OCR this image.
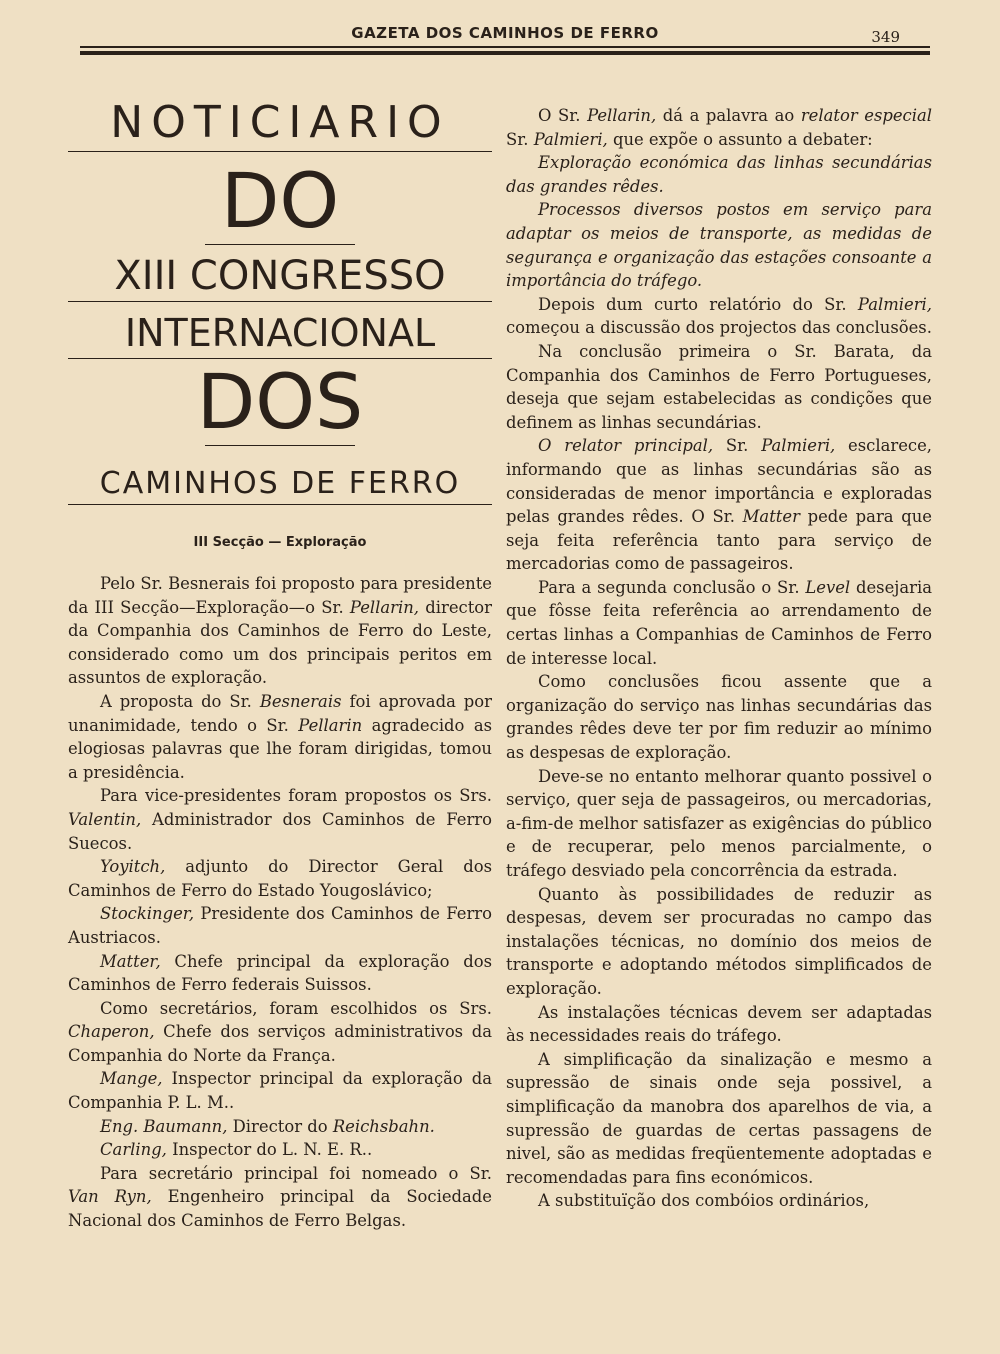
GAZETA DOS CAMINHOS DE FERRO	349
NOTICIARIO
DO
XIII CONGRESSO
INTERNACIONAL
DOS
CAMINHOS DE FERRO
III Secção — Exploração

Pelo Sr. Besnerais foi proposto para presidente da III Secção—Exploração—o Sr. Pellarin, director da Companhia dos Caminhos de Ferro do Leste, considerado como um dos principais peritos em assuntos de exploração.

A proposta do Sr. Besnerais foi aprovada por unanimidade, tendo o Sr. Pellarin agradecido as elogiosas palavras que lhe foram dirigidas, tomou a presidência.

Para vice-presidentes foram propostos os Srs. Valentin, Administrador dos Caminhos de Ferro Suecos.

Yoyitch, adjunto do Director Geral dos Caminhos de Ferro do Estado Yougoslávico;

Stockinger, Presidente dos Caminhos de Ferro Austriacos.

Matter, Chefe principal da exploração dos Caminhos de Ferro federais Suissos.

Como secretários, foram escolhidos os Srs. Chaperon, Chefe dos serviços administrativos da Companhia do Norte da França.

Mange, Inspector principal da exploração da Companhia P. L. M..

Eng. Baumann, Director do Reichsbahn.

Carling, Inspector do L. N. E. R..

Para secretário principal foi nomeado o Sr. Van Ryn, Engenheiro principal da Sociedade Nacional dos Caminhos de Ferro Belgas.

O Sr. Pellarin, dá a palavra ao relator especial Sr. Palmieri, que expõe o assunto a debater:

Exploração económica das linhas secundárias das grandes rêdes.

Processos diversos postos em serviço para adaptar os meios de transporte, as medidas de segurança e organização das estações consoante a importância do tráfego.

Depois dum curto relatório do Sr. Palmieri, começou a discussão dos projectos das conclusões.

Na conclusão primeira o Sr. Barata, da Companhia dos Caminhos de Ferro Portugueses, deseja que sejam estabelecidas as condições que definem as linhas secundárias.

O relator principal, Sr. Palmieri, esclarece, informando que as linhas secundárias são as consideradas de menor importância e exploradas pelas grandes rêdes. O Sr. Matter pede para que seja feita referência tanto para serviço de mercadorias como de passageiros.

Para a segunda conclusão o Sr. Level desejaria que fôsse feita referência ao arrendamento de certas linhas a Companhias de Caminhos de Ferro de interesse local.

Como conclusões ficou assente que a organização do serviço nas linhas secundárias das grandes rêdes deve ter por fim reduzir ao mínimo as despesas de exploração.

Deve-se no entanto melhorar quanto possivel o serviço, quer seja de passageiros, ou mercadorias, a-fim-de melhor satisfazer as exigências do público e de recuperar, pelo menos parcialmente, o tráfego desviado pela concorrência da estrada.

Quanto às possibilidades de reduzir as despesas, devem ser procuradas no campo das instalações técnicas, no domínio dos meios de transporte e adoptando métodos simplificados de exploração.

As instalações técnicas devem ser adaptadas às necessidades reais do tráfego.

A simplificação da sinalização e mesmo a supressão de sinais onde seja possivel, a simplificação da manobra dos aparelhos de via, a supressão de guardas de certas passagens de nivel, são as medidas freqüentemente adoptadas e recomendadas para fins económicos.

A substituïção dos combóios ordinários,
